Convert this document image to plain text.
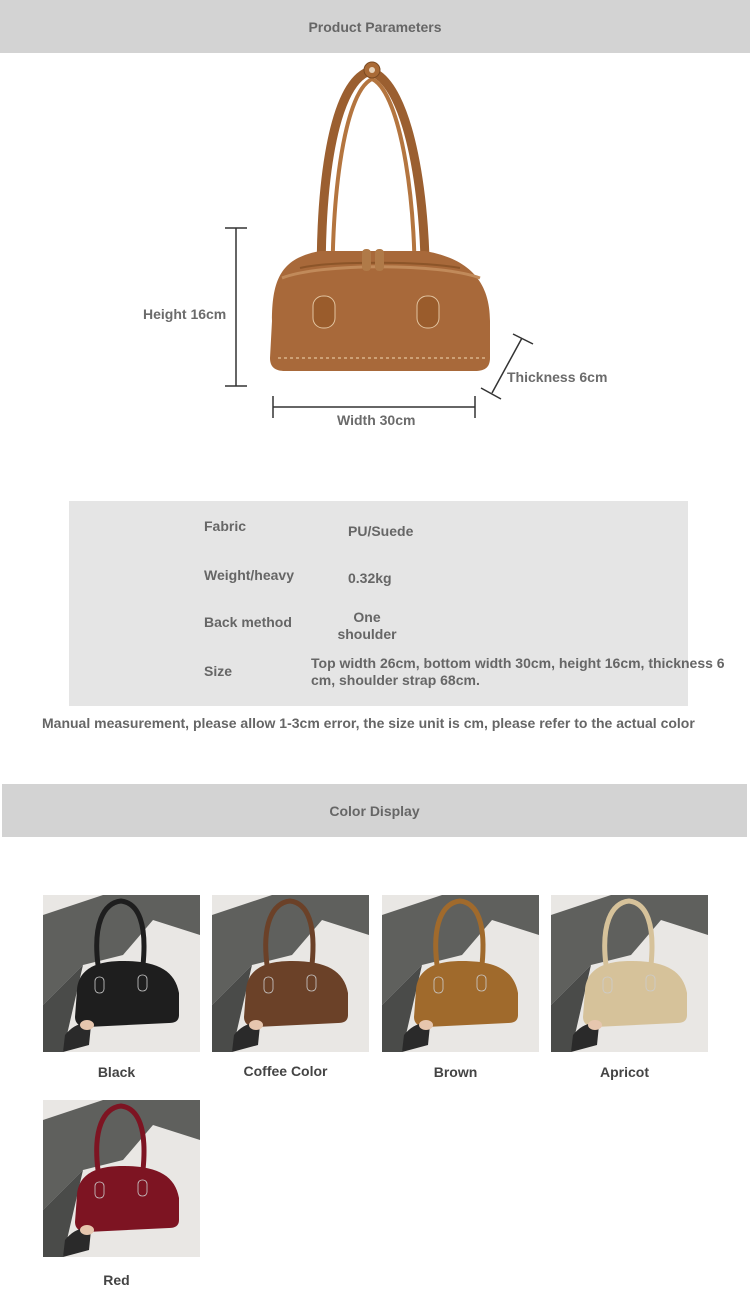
Product Parameters
Height 16cm
Thickness 6cm
Width 30cm
Fabric	PU/Suede
Weight/heavy	0.32kg
Back method	One
shoulder
Size	Top width 26cm, bottom width 30cm, height 16cm, thickness 6
cm, shoulder strap 68cm.
Manual measurement, please allow 1-3cm error, the size unit is cm, please refer to the actual color
Color Display
Black	Coffee Color	Brown	Apricot
Red
